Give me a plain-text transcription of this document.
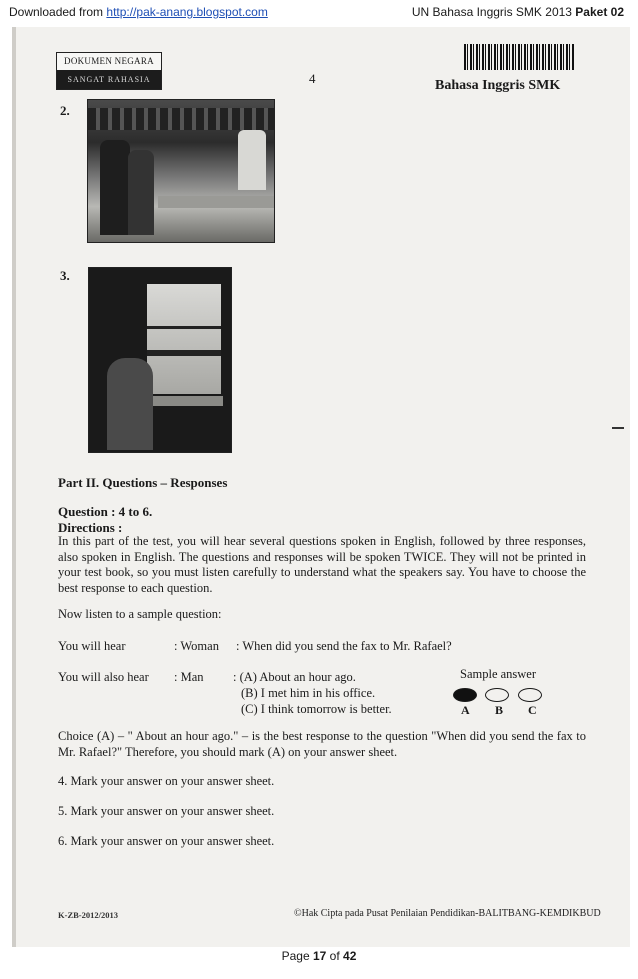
Downloaded from http://pak-anang.blogspot.com	UN Bahasa Inggris SMK 2013 Paket 02
DOKUMEN NEGARA
SANGAT RAHASIA	4	Bahasa Inggris SMK
2.
3.
Part II. Questions – Responses
Question : 4 to 6.
Directions :
In this part of the test, you will hear several questions spoken in English, followed by three responses, also spoken in English. The questions and responses will be spoken TWICE. They will not be printed in your test book, so you must listen carefully to understand what the speakers say. You have to choose the best response to each question.
Now listen to a sample question:
You will hear	: Woman : When did you send the fax to Mr. Rafael?
You will also hear : Man : (A) About an hour ago.
(B) I met him in his office.
(C) I think tomorrow is better.
Sample answer
A B C
Choice (A) – " About an hour ago." – is the best response to the question "When did you send the fax to Mr. Rafael?" Therefore, you should mark (A) on your answer sheet.
4. Mark your answer on your answer sheet.
5. Mark your answer on your answer sheet.
6. Mark your answer on your answer sheet.
K-ZB-2012/2013	©Hak Cipta pada Pusat Penilaian Pendidikan-BALITBANG-KEMDIKBUD
Page 17 of 42
